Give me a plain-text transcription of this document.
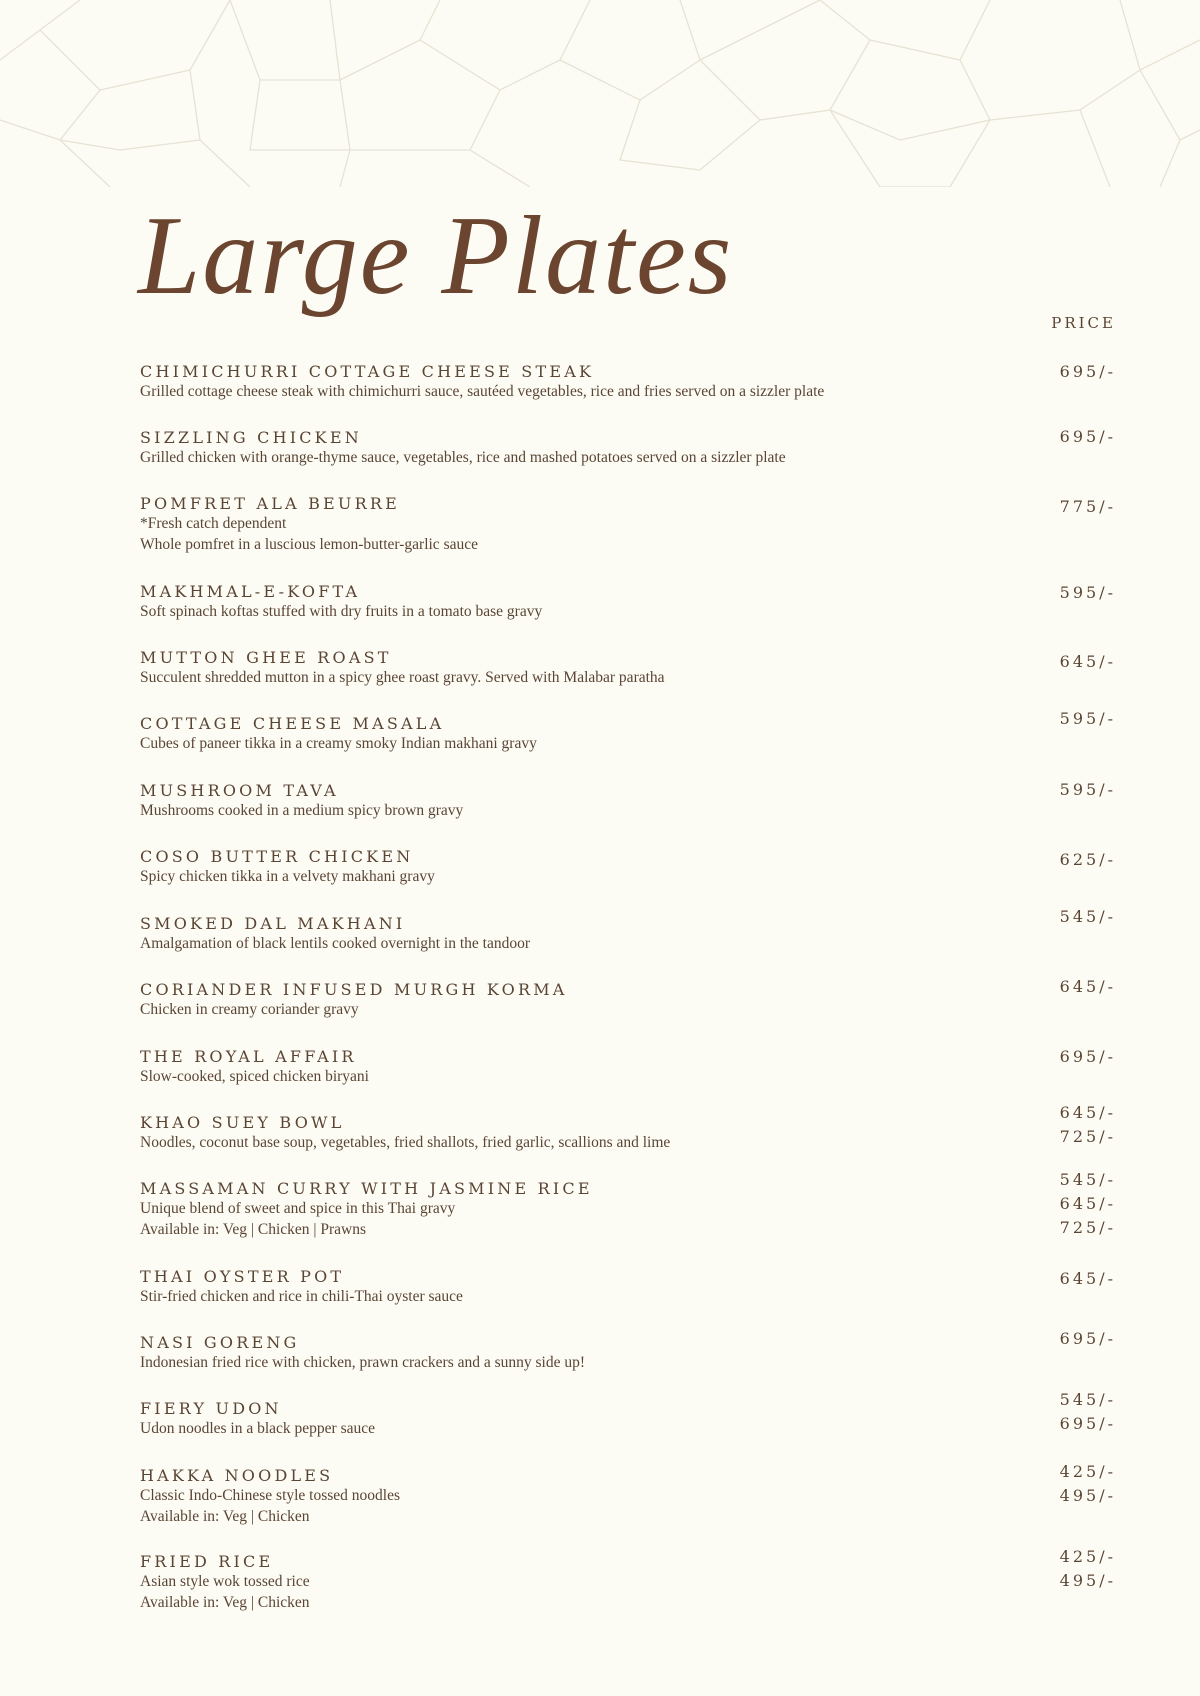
Large Plates
PRICE
CHIMICHURRI COTTAGE CHEESE STEAK
Grilled cottage cheese steak with chimichurri sauce, sautéed vegetables, rice and fries served on a sizzler plate
695/-
SIZZLING CHICKEN
Grilled chicken with orange-thyme sauce, vegetables, rice and mashed potatoes served on a sizzler plate
695/-
POMFRET ALA BEURRE
*Fresh catch dependent
Whole pomfret in a luscious lemon-butter-garlic sauce
775/-
MAKHMAL-E-KOFTA
Soft spinach koftas stuffed with dry fruits in a tomato base gravy
595/-
MUTTON GHEE ROAST
Succulent shredded mutton in a spicy ghee roast gravy. Served with Malabar paratha
645/-
COTTAGE CHEESE MASALA
Cubes of paneer tikka in a creamy smoky Indian makhani gravy
595/-
MUSHROOM TAVA
Mushrooms cooked in a medium spicy brown gravy
595/-
COSO BUTTER CHICKEN
Spicy chicken tikka in a velvety makhani gravy
625/-
SMOKED DAL MAKHANI
Amalgamation of black lentils cooked overnight in the tandoor
545/-
CORIANDER INFUSED MURGH KORMA
Chicken in creamy coriander gravy
645/-
THE ROYAL AFFAIR
Slow-cooked, spiced chicken biryani
695/-
KHAO SUEY BOWL
Noodles, coconut base soup, vegetables, fried shallots, fried garlic, scallions and lime
645/-
725/-
MASSAMAN CURRY WITH JASMINE RICE
Unique blend of sweet and spice in this Thai gravy
Available in: Veg | Chicken | Prawns
545/-
645/-
725/-
THAI OYSTER POT
Stir-fried chicken and rice in chili-Thai oyster sauce
645/-
NASI GORENG
Indonesian fried rice with chicken, prawn crackers and a sunny side up!
695/-
FIERY UDON
Udon noodles in a black pepper sauce
545/-
695/-
HAKKA NOODLES
Classic Indo-Chinese style tossed noodles
Available in: Veg | Chicken
425/-
495/-
FRIED RICE
Asian style wok tossed rice
Available in: Veg | Chicken
425/-
495/-
